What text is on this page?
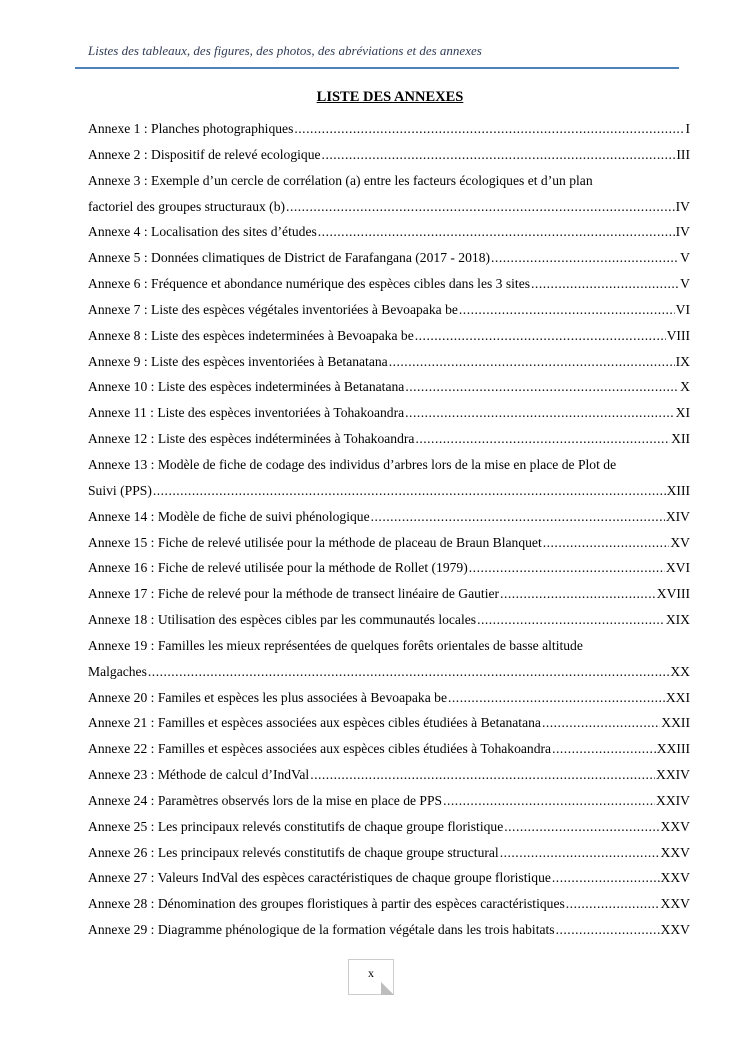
Listes des tableaux, des figures, des photos, des abréviations et des annexes
LISTE DES ANNEXES
Annexe 1 : Planches photographiques .....	I
Annexe 2 : Dispositif de relevé ecologique .....	III
Annexe 3 : Exemple d’un cercle de corrélation (a) entre les facteurs écologiques et d’un plan
factoriel des groupes structuraux (b) .....	IV
Annexe 4 : Localisation des sites d’études .....	IV
Annexe 5 : Données climatiques de District de Farafangana (2017 - 2018) .....	V
Annexe 6 : Fréquence et abondance numérique des espèces cibles dans les 3 sites .....	V
Annexe 7 : Liste des espèces végétales inventoriées à Bevoapaka be .....	VI
Annexe 8 : Liste des espèces indeterminées à Bevoapaka be .....	VIII
Annexe 9 : Liste des espèces inventoriées à Betanatana .....	IX
Annexe 10 : Liste des espèces indeterminées à Betanatana .....	X
Annexe 11 : Liste des espèces inventoriées à Tohakoandra .....	XI
Annexe 12 : Liste des espèces indéterminées à Tohakoandra .....	XII
Annexe 13 : Modèle de fiche de codage des individus d’arbres lors de la mise en place de Plot de
Suivi (PPS) .....	XIII
Annexe 14 : Modèle de fiche de suivi phénologique .....	XIV
Annexe 15 : Fiche de relevé utilisée pour la méthode de placeau de Braun Blanquet .....	XV
Annexe 16 : Fiche de relevé utilisée pour la méthode de Rollet (1979) .....	XVI
Annexe 17 : Fiche de relevé pour la méthode de transect linéaire de Gautier .....	XVIII
Annexe 18 : Utilisation des espèces cibles par les communautés locales .....	XIX
Annexe 19 : Familles les mieux représentées de quelques forêts orientales de basse altitude
Malgaches .....	XX
Annexe 20 : Familes et espèces les plus associées à Bevoapaka be .....	XXI
Annexe 21 : Familles et espèces associées aux espèces cibles étudiées à Betanatana .....	XXII
Annexe 22 : Familles et espèces associées aux espèces cibles étudiées à Tohakoandra .....	XXIII
Annexe 23 : Méthode de calcul d’IndVal .....	XXIV
Annexe 24 : Paramètres observés lors de la mise en place de PPS .....	XXIV
Annexe 25 : Les principaux relevés constitutifs de chaque groupe floristique .....	XXV
Annexe 26 : Les principaux relevés constitutifs de chaque groupe structural .....	XXV
Annexe 27 : Valeurs IndVal des espèces caractéristiques de chaque groupe floristique .....	XXV
Annexe 28 : Dénomination des groupes floristiques à partir des espèces caractéristiques .....	XXV
Annexe 29 : Diagramme phénologique de la formation végétale dans les trois habitats .....	XXV
x
